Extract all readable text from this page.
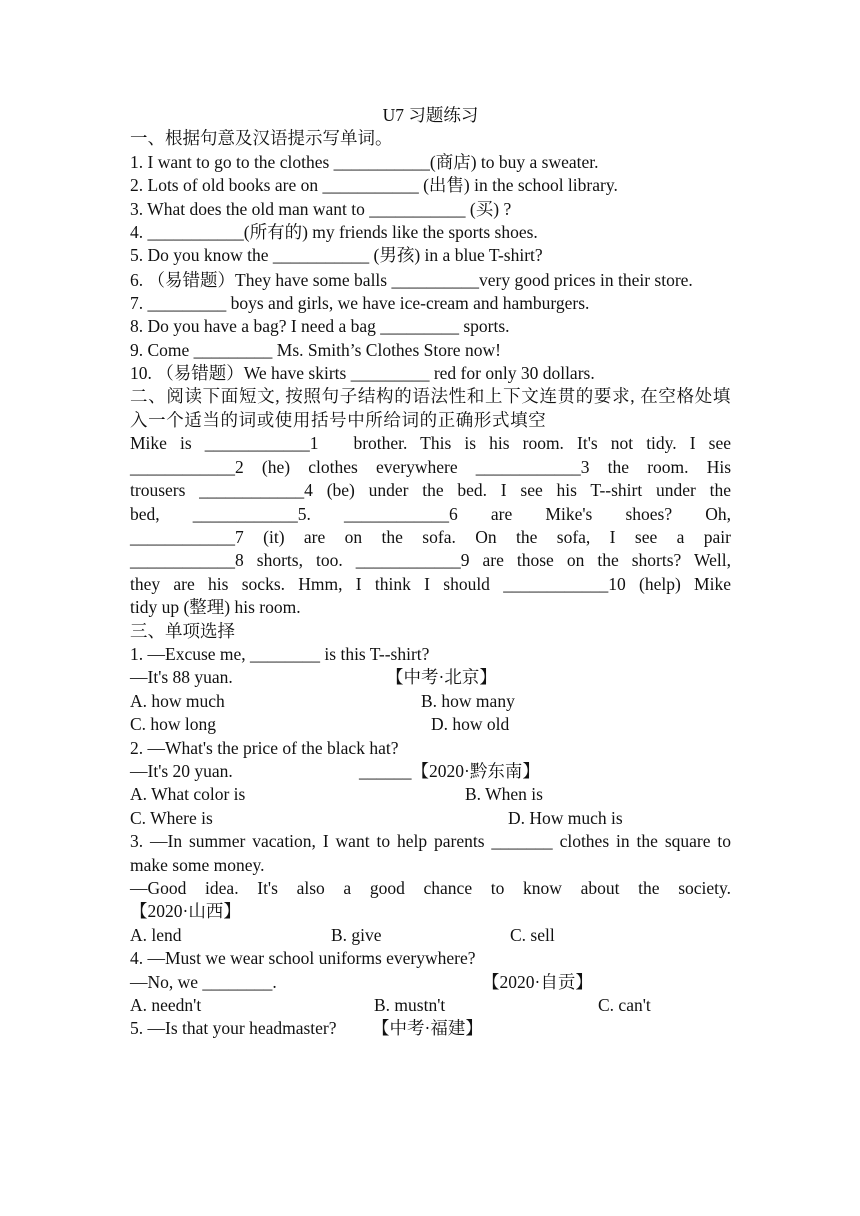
U7 习题练习
一、根据句意及汉语提示写单词。
1. I want to go to the clothes ___________(商店) to buy a sweater.
2. Lots of old books are on ___________ (出售) in the school library.
3. What does the old man want to ___________ (买) ?
4. ___________(所有的) my friends like the sports shoes.
5. Do you know the ___________ (男孩) in a blue T-shirt?
6. （易错题）They have some balls __________very good prices in their store.
7. _________ boys and girls, we have ice-cream and hamburgers.
8. Do you have a bag? I need a bag _________ sports.
9. Come _________ Ms. Smith’s Clothes Store now!
10. （易错题）We have skirts _________ red for only 30 dollars.
二、阅读下面短文, 按照句子结构的语法性和上下文连贯的要求, 在空格处填入一个适当的词或使用括号中所给词的正确形式填空
Mike is ____________1　brother. This is his room. It's not tidy. I see
____________2 (he) clothes everywhere ____________3 the room. His
trousers ____________4 (be) under the bed. I see his T--shirt under the
bed, ____________5. ____________6 are Mike's shoes? Oh,
____________7 (it) are on the sofa. On the sofa, I see a pair
____________8 shorts, too. ____________9 are those on the shorts? Well,
they are his socks. Hmm, I think I should ____________10 (help) Mike
tidy up (整理) his room.
三、单项选择
1. —Excuse me, ________ is this T--shirt?
—It's 88 yuan.	【中考·北京】
A. how much	B. how many
C. how long	D. how old
2. —What's the price of the black hat?
—It's 20 yuan.	______【2020·黔东南】
A. What color is	B. When is
C. Where is	D. How much is
3. —In summer vacation, I want to help parents _______ clothes in the square to make some money.
—Good idea. It's also a good chance to know about the society.
【2020·山西】
A. lend	B. give	C. sell
4. —Must we wear school uniforms everywhere?
—No, we ________.	【2020·自贡】
A. needn't	B. mustn't	C. can't
5. —Is that your headmaster? 【中考·福建】
